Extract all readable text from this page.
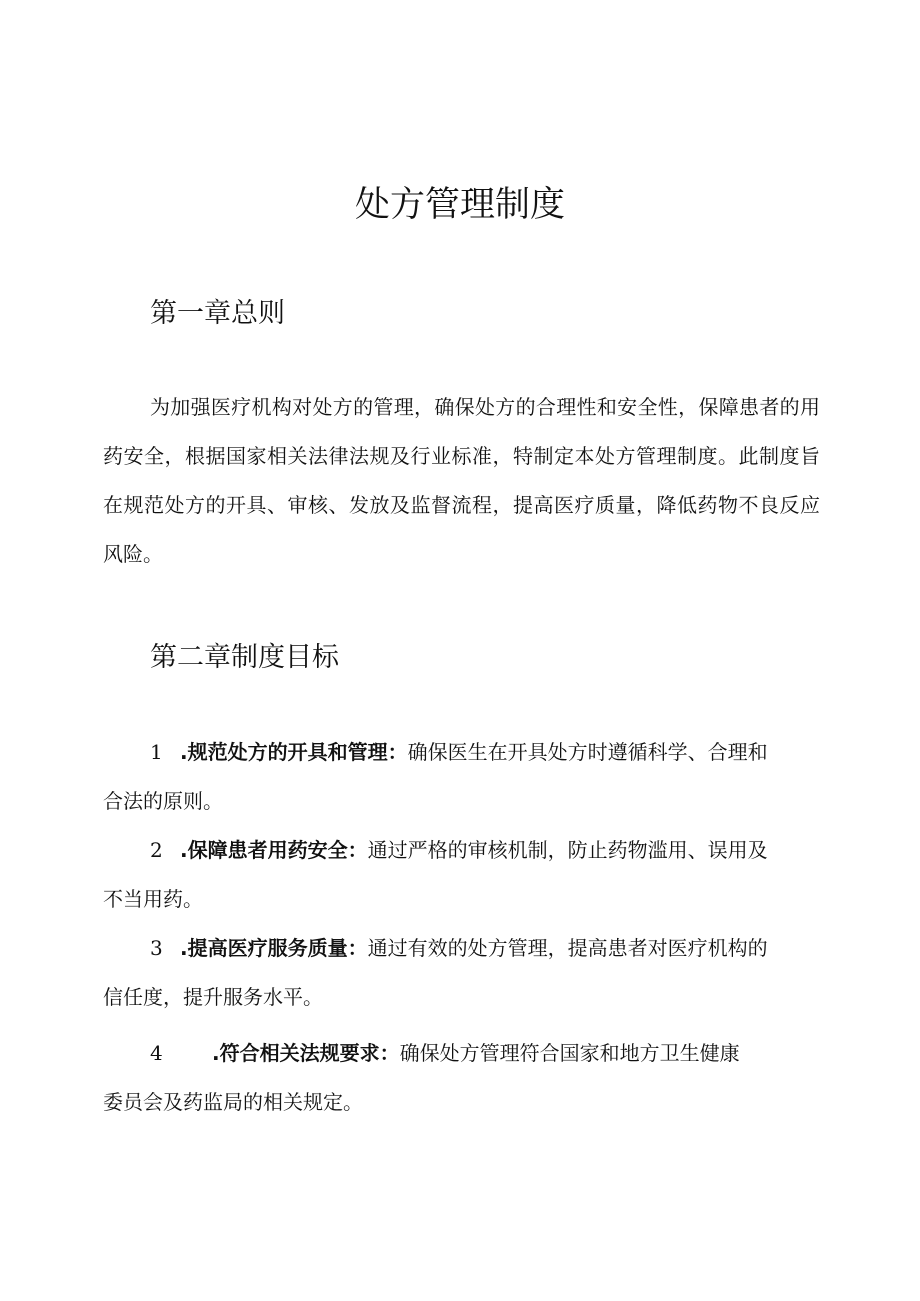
处方管理制度
第一章总则

为加强医疗机构对处方的管理，确保处方的合理性和安全性，保障患者的用药安全，根据国家相关法律法规及行业标准，特制定本处方管理制度。此制度旨在规范处方的开具、审核、发放及监督流程，提高医疗质量，降低药物不良反应风险。

第二章制度目标
1 .规范处方的开具和管理：确保医生在开具处方时遵循科学、合理和
合法的原则。
2 .保障患者用药安全：通过严格的审核机制，防止药物滥用、误用及
不当用药。
3 .提高医疗服务质量：通过有效的处方管理，提高患者对医疗机构的
信任度，提升服务水平。
4 .符合相关法规要求：确保处方管理符合国家和地方卫生健康
委员会及药监局的相关规定。
